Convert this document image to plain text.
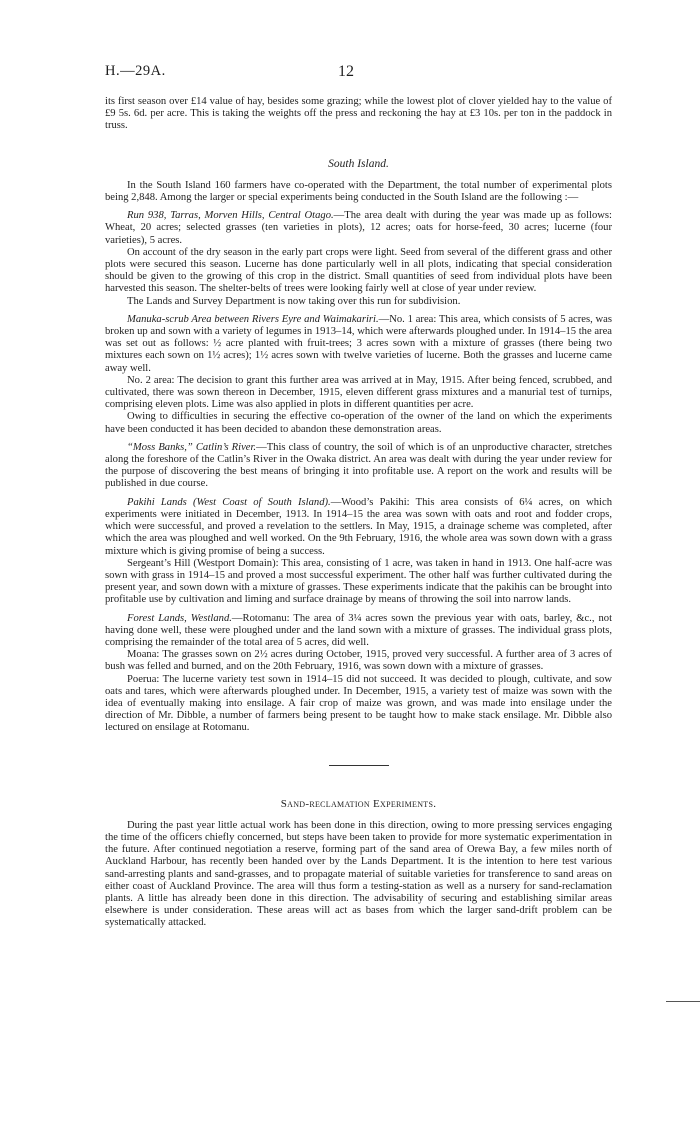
H.—29A.	12

its first season over £14 value of hay, besides some grazing; while the lowest plot of clover yielded hay to the value of £9 5s. 6d. per acre. This is taking the weights off the press and reckoning the hay at £3 10s. per ton in the paddock in truss.

South Island.

In the South Island 160 farmers have co-operated with the Department, the total number of experimental plots being 2,848. Among the larger or special experiments being conducted in the South Island are the following :—

Run 938, Tarras, Morven Hills, Central Otago.—The area dealt with during the year was made up as follows: Wheat, 20 acres; selected grasses (ten varieties in plots), 12 acres; oats for horse-feed, 30 acres; lucerne (four varieties), 5 acres.

On account of the dry season in the early part crops were light. Seed from several of the different grass and other plots were secured this season. Lucerne has done particularly well in all plots, indicating that special consideration should be given to the growing of this crop in the district. Small quantities of seed from individual plots have been harvested this season. The shelter-belts of trees were looking fairly well at close of year under review.

The Lands and Survey Department is now taking over this run for subdivision.

Manuka-scrub Area between Rivers Eyre and Waimakariri.—No. 1 area: This area, which consists of 5 acres, was broken up and sown with a variety of legumes in 1913–14, which were afterwards ploughed under. In 1914–15 the area was set out as follows: ½ acre planted with fruit-trees; 3 acres sown with a mixture of grasses (there being two mixtures each sown on 1½ acres); 1½ acres sown with twelve varieties of lucerne. Both the grasses and lucerne came away well.

No. 2 area: The decision to grant this further area was arrived at in May, 1915. After being fenced, scrubbed, and cultivated, there was sown thereon in December, 1915, eleven different grass mixtures and a manurial test of turnips, comprising eleven plots. Lime was also applied in plots in different quantities per acre.

Owing to difficulties in securing the effective co-operation of the owner of the land on which the experiments have been conducted it has been decided to abandon these demonstration areas.

“Moss Banks,” Catlin’s River.—This class of country, the soil of which is of an unproductive character, stretches along the foreshore of the Catlin’s River in the Owaka district. An area was dealt with during the year under review for the purpose of discovering the best means of bringing it into profitable use. A report on the work and results will be published in due course.

Pakihi Lands (West Coast of South Island).—Wood’s Pakihi: This area consists of 6¼ acres, on which experiments were initiated in December, 1913. In 1914–15 the area was sown with oats and root and fodder crops, which were successful, and proved a revelation to the settlers. In May, 1915, a drainage scheme was completed, after which the area was ploughed and well worked. On the 9th February, 1916, the whole area was sown down with a grass mixture which is giving promise of being a success.

Sergeant’s Hill (Westport Domain): This area, consisting of 1 acre, was taken in hand in 1913. One half-acre was sown with grass in 1914–15 and proved a most successful experiment. The other half was further cultivated during the present year, and sown down with a mixture of grasses. These experiments indicate that the pakihis can be brought into profitable use by cultivation and liming and surface drainage by means of throwing the soil into narrow lands.

Forest Lands, Westland.—Rotomanu: The area of 3¼ acres sown the previous year with oats, barley, &c., not having done well, these were ploughed under and the land sown with a mixture of grasses. The individual grass plots, comprising the remainder of the total area of 5 acres, did well.

Moana: The grasses sown on 2½ acres during October, 1915, proved very successful. A further area of 3 acres of bush was felled and burned, and on the 20th February, 1916, was sown down with a mixture of grasses.

Poerua: The lucerne variety test sown in 1914–15 did not succeed. It was decided to plough, cultivate, and sow oats and tares, which were afterwards ploughed under. In December, 1915, a variety test of maize was sown with the idea of eventually making into ensilage. A fair crop of maize was grown, and was made into ensilage under the direction of Mr. Dibble, a number of farmers being present to be taught how to make stack ensilage. Mr. Dibble also lectured on ensilage at Rotomanu.

Sand-reclamation Experiments.

During the past year little actual work has been done in this direction, owing to more pressing services engaging the time of the officers chiefly concerned, but steps have been taken to provide for more systematic experimentation in the future. After continued negotiation a reserve, forming part of the sand area of Orewa Bay, a few miles north of Auckland Harbour, has recently been handed over by the Lands Department. It is the intention to here test various sand-arresting plants and sand-grasses, and to propagate material of suitable varieties for transference to sand areas on either coast of Auckland Province. The area will thus form a testing-station as well as a nursery for sand-reclamation plants. A little has already been done in this direction. The advisability of securing and establishing similar areas elsewhere is under consideration. These areas will act as bases from which the larger sand-drift problem can be systematically attacked.
